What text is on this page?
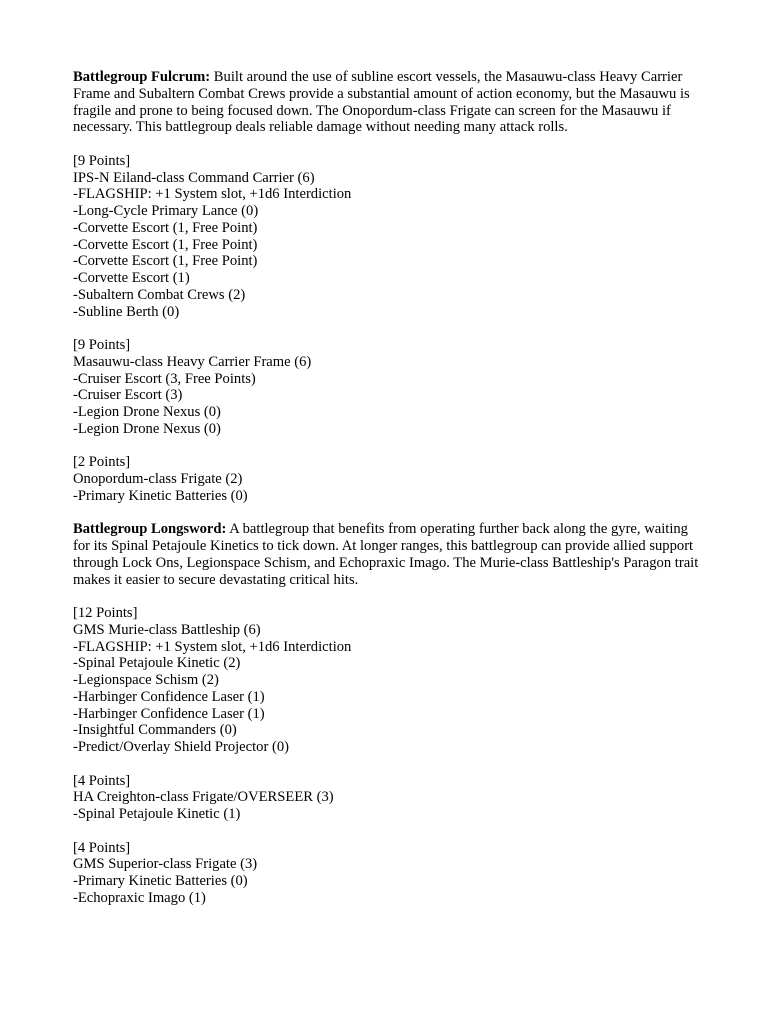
Battlegroup Fulcrum: Built around the use of subline escort vessels, the Masauwu-class Heavy Carrier Frame and Subaltern Combat Crews provide a substantial amount of action economy, but the Masauwu is fragile and prone to being focused down. The Onopordum-class Frigate can screen for the Masauwu if necessary. This battlegroup deals reliable damage without needing many attack rolls.

[9 Points]
IPS-N Eiland-class Command Carrier (6)
-FLAGSHIP: +1 System slot, +1d6 Interdiction
-Long-Cycle Primary Lance (0)
-Corvette Escort (1, Free Point)
-Corvette Escort (1, Free Point)
-Corvette Escort (1, Free Point)
-Corvette Escort (1)
-Subaltern Combat Crews (2)
-Subline Berth (0)
[9 Points]
Masauwu-class Heavy Carrier Frame (6)
-Cruiser Escort (3, Free Points)
-Cruiser Escort (3)
-Legion Drone Nexus (0)
-Legion Drone Nexus (0)
[2 Points]
Onopordum-class Frigate (2)
-Primary Kinetic Batteries (0)

Battlegroup Longsword: A battlegroup that benefits from operating further back along the gyre, waiting for its Spinal Petajoule Kinetics to tick down. At longer ranges, this battlegroup can provide allied support through Lock Ons, Legionspace Schism, and Echopraxic Imago. The Murie-class Battleship's Paragon trait makes it easier to secure devastating critical hits.

[12 Points]
GMS Murie-class Battleship (6)
-FLAGSHIP: +1 System slot, +1d6 Interdiction
-Spinal Petajoule Kinetic (2)
-Legionspace Schism (2)
-Harbinger Confidence Laser (1)
-Harbinger Confidence Laser (1)
-Insightful Commanders (0)
-Predict/Overlay Shield Projector (0)
[4 Points]
HA Creighton-class Frigate/OVERSEER (3)
-Spinal Petajoule Kinetic (1)
[4 Points]
GMS Superior-class Frigate (3)
-Primary Kinetic Batteries (0)
-Echopraxic Imago (1)
